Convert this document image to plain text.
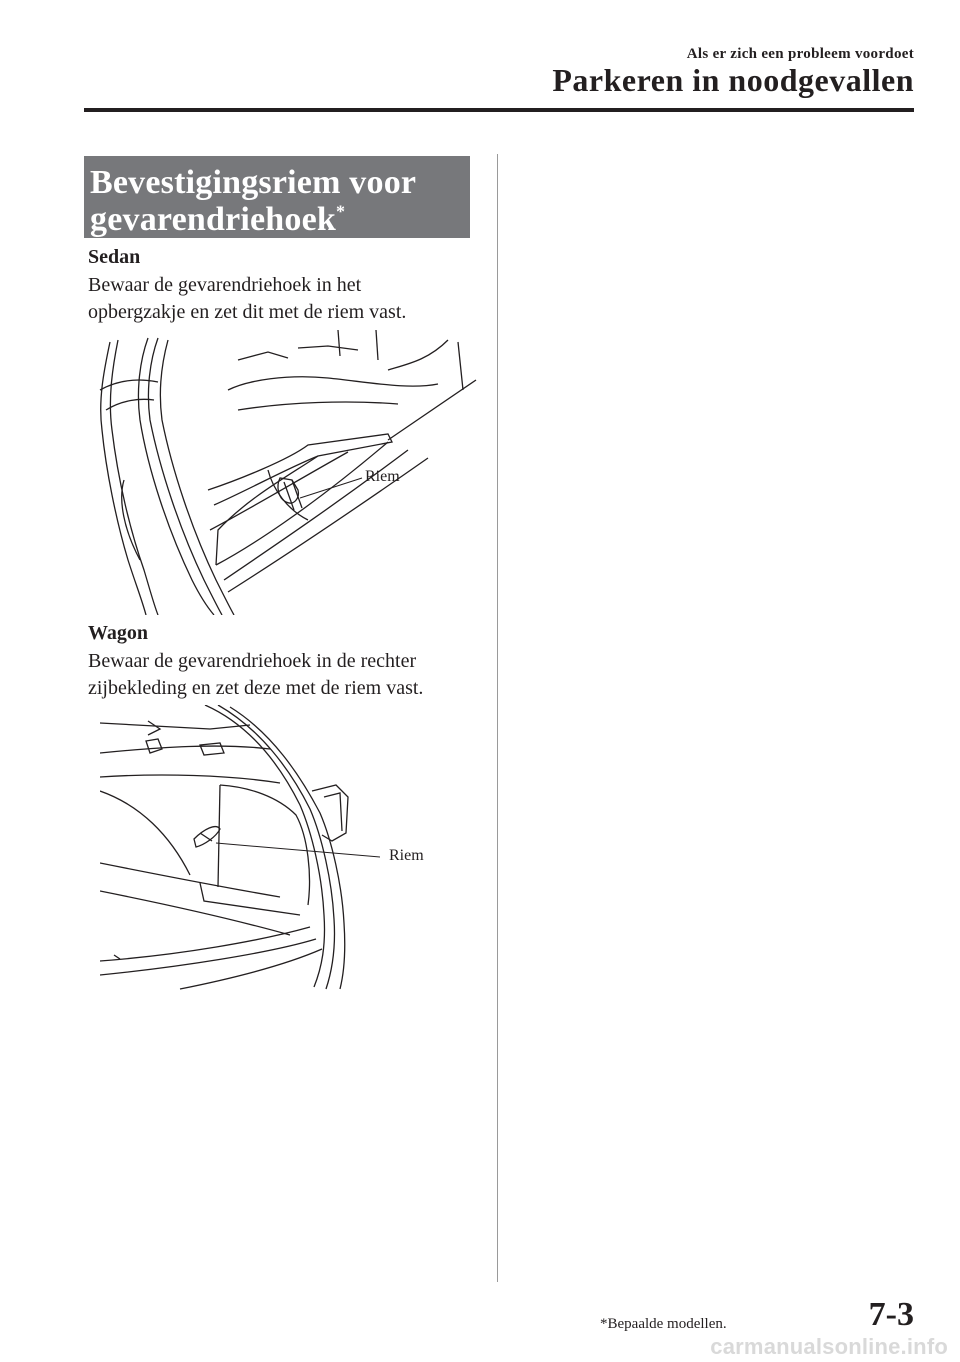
Als er zich een probleem voordoet
Parkeren in noodgevallen
Bevestigingsriem voor
gevarendriehoek*
Sedan
Bewaar de gevarendriehoek in het
opbergzakje en zet dit met de riem vast.
Riem
Wagon
Bewaar de gevarendriehoek in de rechter
zijbekleding en zet deze met de riem vast.
Riem
*Bepaalde modellen.	7-3
carmanualsonline.info
